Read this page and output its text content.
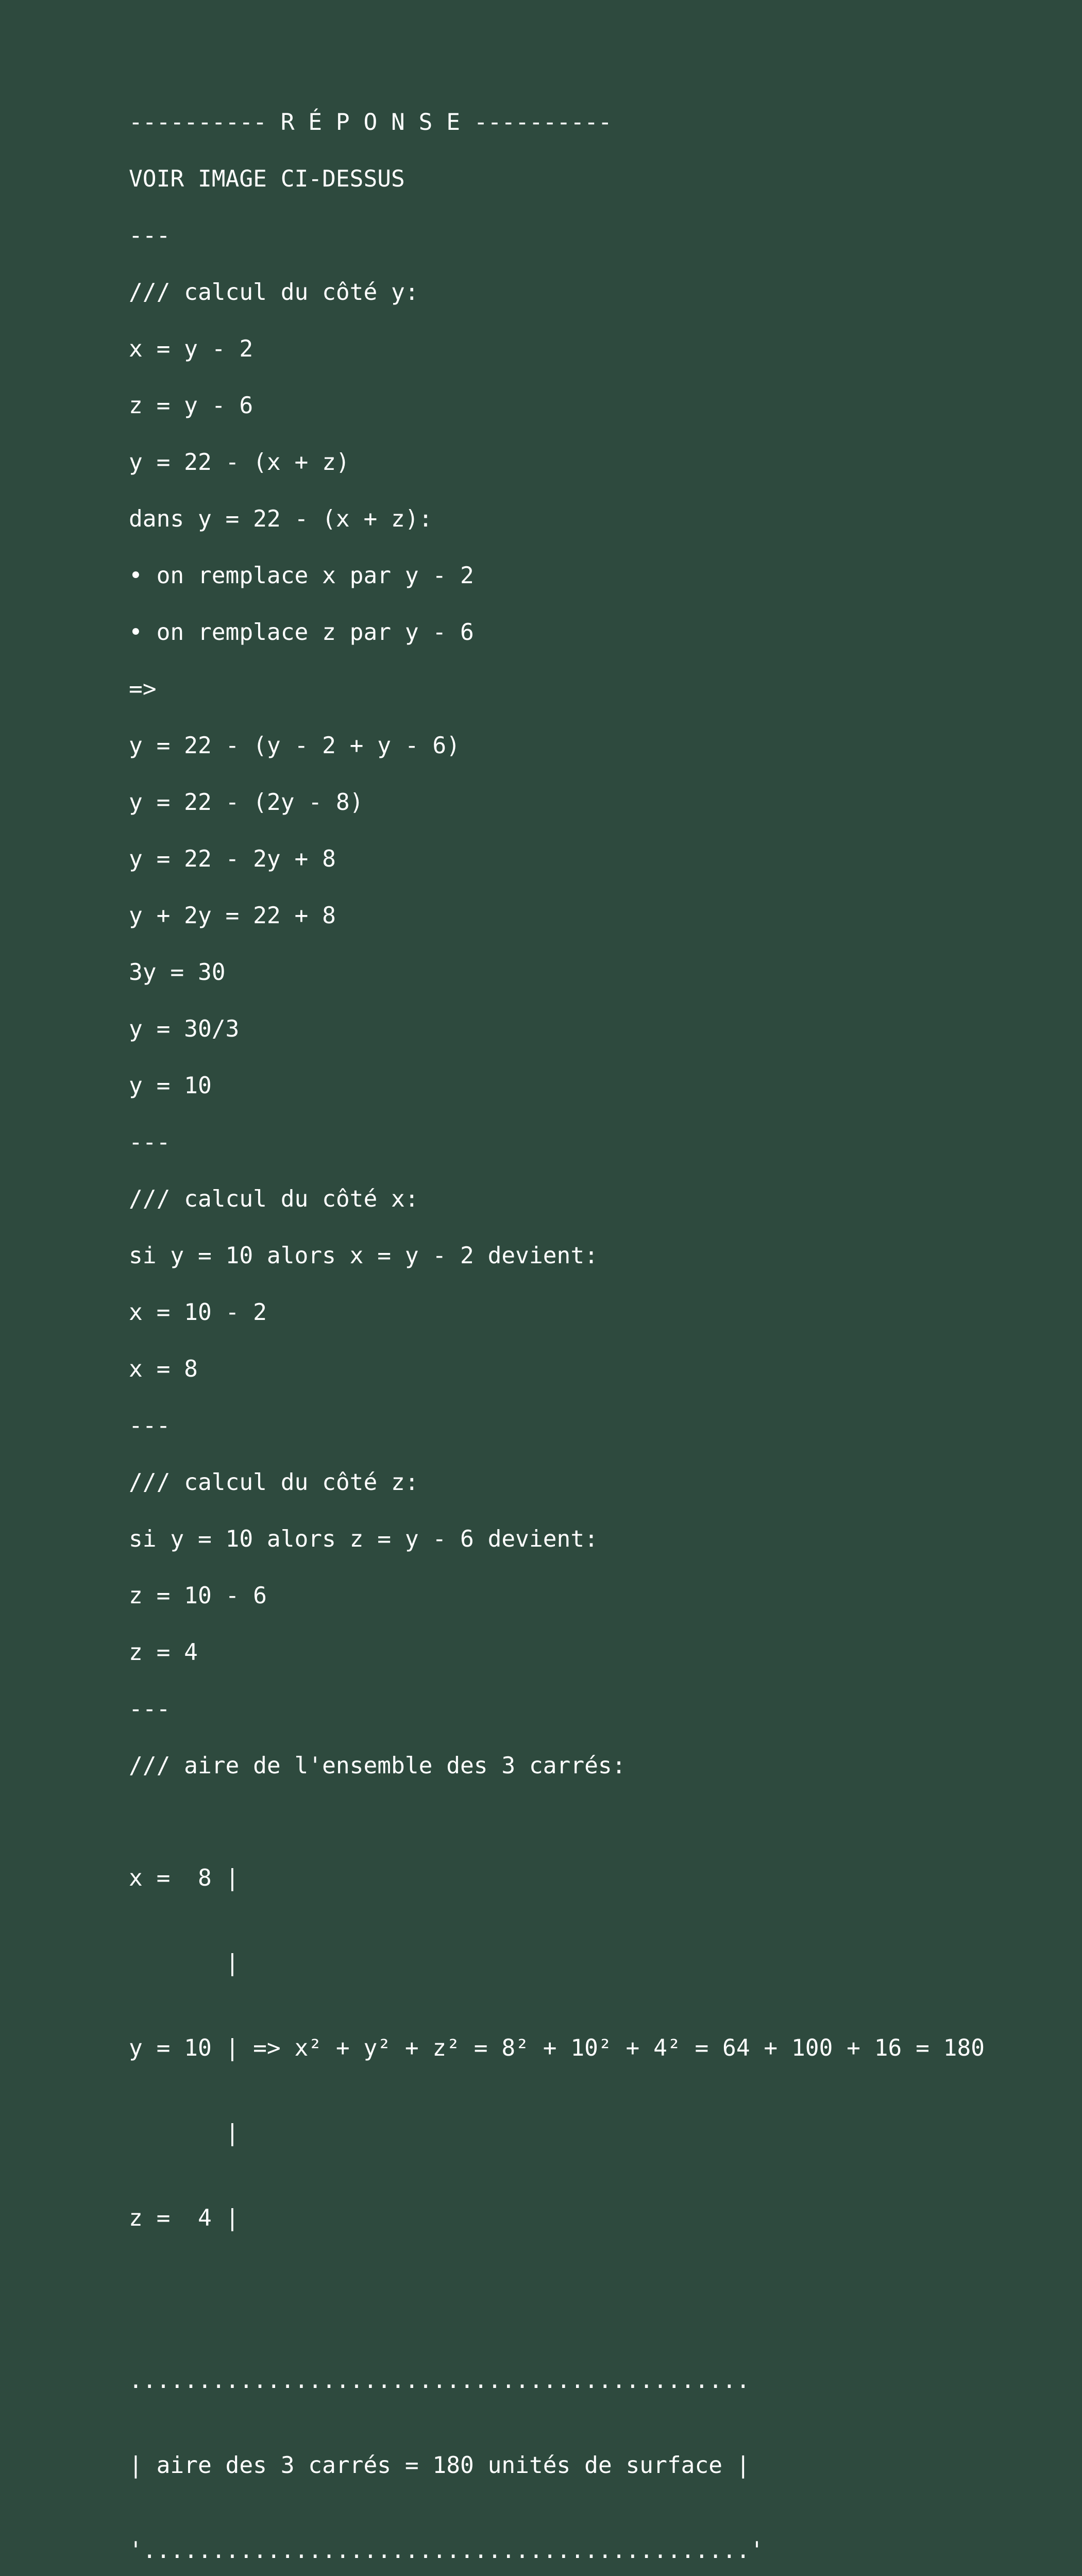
---------- R É P O N S E ----------
VOIR IMAGE CI-DESSUS
---
/// calcul du côté y:
x = y - 2
z = y - 6
y = 22 - (x + z)
dans y = 22 - (x + z):
• on remplace x par y - 2
• on remplace z par y - 6
=>
y = 22 - (y - 2 + y - 6)
y = 22 - (2y - 8)
y = 22 - 2y + 8
y + 2y = 22 + 8
3y = 30
y = 30/3
y = 10
---
/// calcul du côté x:
si y = 10 alors x = y - 2 devient:
x = 10 - 2
x = 8
---
/// calcul du côté z:
si y = 10 alors z = y - 6 devient:
z = 10 - 6
z = 4
---
/// aire de l'ensemble des 3 carrés:

x =  8 |

|

y = 10 | => x² + y² + z² = 8² + 10² + 4² = 64 + 100 + 16 = 180

|

z =  4 |

.............................................

| aire des 3 carrés = 180 unités de surface |

'............................................'
